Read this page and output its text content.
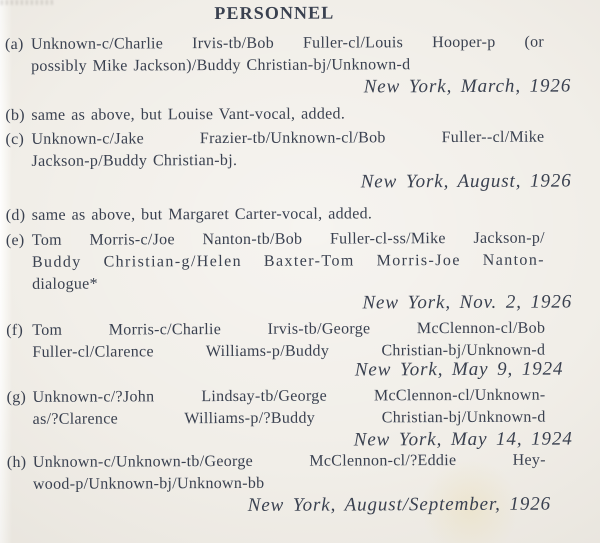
PERSONNEL
(a) Unknown-c/Charlie Irvis-tb/Bob Fuller-cl/Louis Hooper-p (or
possibly Mike Jackson)/Buddy Christian-bj/Unknown-d
New York, March, 1926
(b) same as above, but Louise Vant-vocal, added.
(c) Unknown-c/Jake Frazier-tb/Unknown-cl/Bob Fuller--cl/Mike
Jackson-p/Buddy Christian-bj.
New York, August, 1926
(d) same as above, but Margaret Carter-vocal, added.
(e) Tom Morris-c/Joe Nanton-tb/Bob Fuller-cl-ss/Mike Jackson-p/
Buddy Christian-g/Helen Baxter-Tom Morris-Joe Nanton-
dialogue*
New York, Nov. 2, 1926
(f) Tom Morris-c/Charlie Irvis-tb/George McClennon-cl/Bob
Fuller-cl/Clarence Williams-p/Buddy Christian-bj/Unknown-d
New York, May 9, 1924
(g) Unknown-c/?John Lindsay-tb/George McClennon-cl/Unknown-
as/?Clarence Williams-p/?Buddy Christian-bj/Unknown-d
New York, May 14, 1924
(h) Unknown-c/Unknown-tb/George McClennon-cl/?Eddie Hey-
wood-p/Unknown-bj/Unknown-bb
New York, August/September, 1926
